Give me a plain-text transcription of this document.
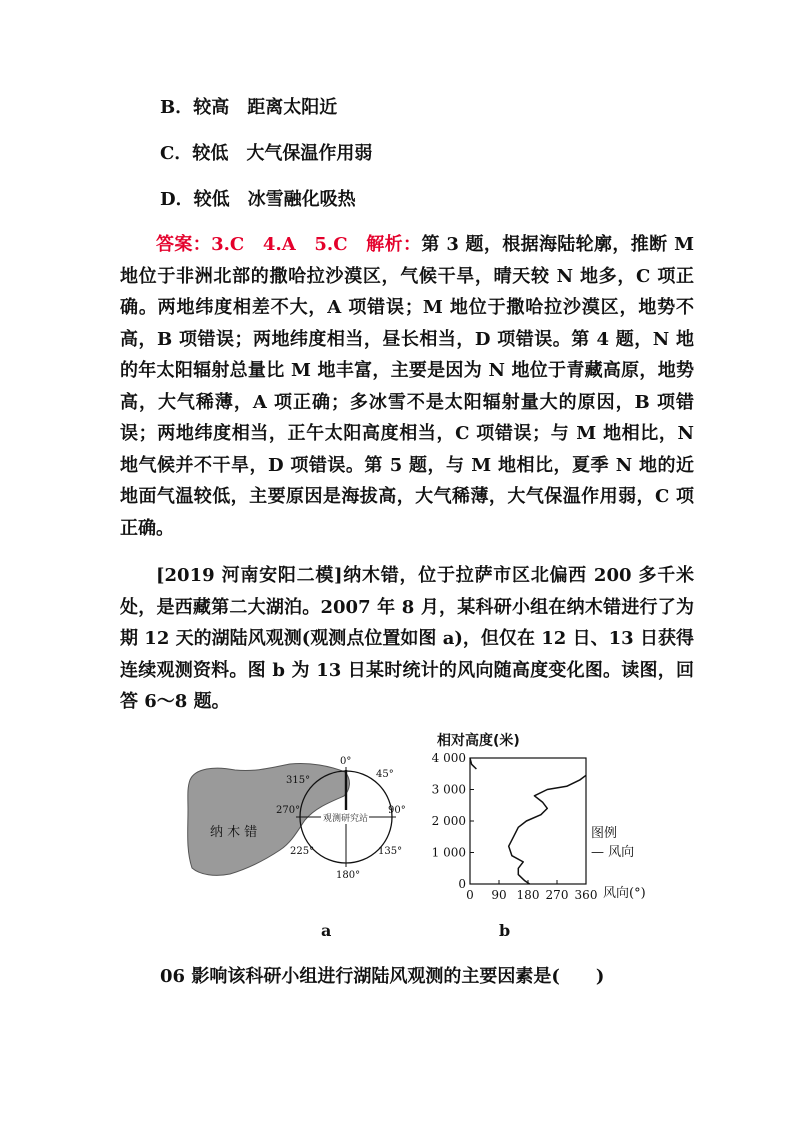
B．较高　距离太阳近
C．较低　大气保温作用弱
D．较低　冰雪融化吸热
答案：3.C　4.A　5.C　解析：第 3 题，根据海陆轮廓，推断 M 地位于非洲北部的撒哈拉沙漠区，气候干旱，晴天较 N 地多，C 项正确。两地纬度相差不大，A 项错误；M 地位于撒哈拉沙漠区，地势不高，B 项错误；两地纬度相当，昼长相当，D 项错误。第 4 题，N 地的年太阳辐射总量比 M 地丰富，主要是因为 N 地位于青藏高原，地势高，大气稀薄，A 项正确；多冰雪不是太阳辐射量大的原因，B 项错误；两地纬度相当，正午太阳高度相当，C 项错误；与 M 地相比，N 地气候并不干旱，D 项错误。第 5 题，与 M 地相比，夏季 N 地的近地面气温较低，主要原因是海拔高，大气稀薄，大气保温作用弱，C 项正确。
[2019 河南安阳二模]纳木错，位于拉萨市区北偏西 200 多千米处，是西藏第二大湖泊。2007 年 8 月，某科研小组在纳木错进行了为期 12 天的湖陆风观测(观测点位置如图 a)，但仅在 12 日、13 日获得连续观测资料。图 b 为 13 日某时统计的风向随高度变化图。读图，回答 6～8 题。
纳 木 错
观测研究站
0°
45°
90°
135°
180°
225°
270°
315°
相对高度(米)
4 000
3 000
2 000
1 000
0
0 90 180 270 360
图例
— 风向
风向(°)
a	b
06 影响该科研小组进行湖陆风观测的主要因素是(　　)
